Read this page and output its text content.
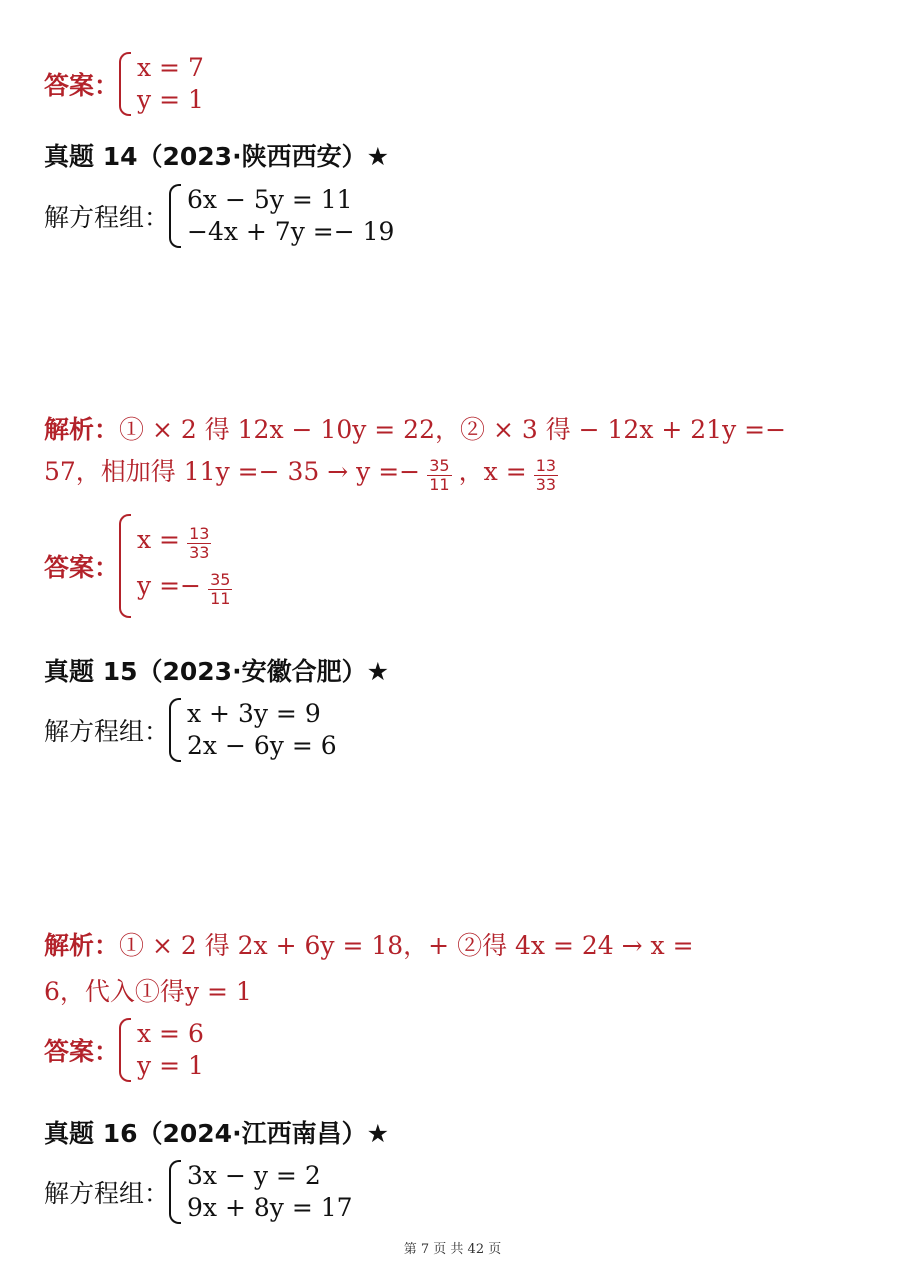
答案：
x = 7
y = 1
真题 14（2023·陕西西安）★
解方程组：
6x − 5y = 11
−4x + 7y =− 19
解析：① × 2 得 12x − 10y = 22，② × 3 得 − 12x + 21y =−
57，相加得 $11y =- 35 \to y =- \frac{35}{11}$ ，$x = \frac{13}{33}$
答案：
$x = \frac{13}{33}$
$y =- \frac{35}{11}$
真题 15（2023·安徽合肥）★
解方程组：
x + 3y = 9
2x − 6y = 6
解析：① × 2 得 2x + 6y = 18，+ ②得 4x = 24 → x =
6，代入①得y = 1
答案：
x = 6
y = 1
真题 16（2024·江西南昌）★
解方程组：
3x − y = 2
9x + 8y = 17
第 7 页 共 42 页
